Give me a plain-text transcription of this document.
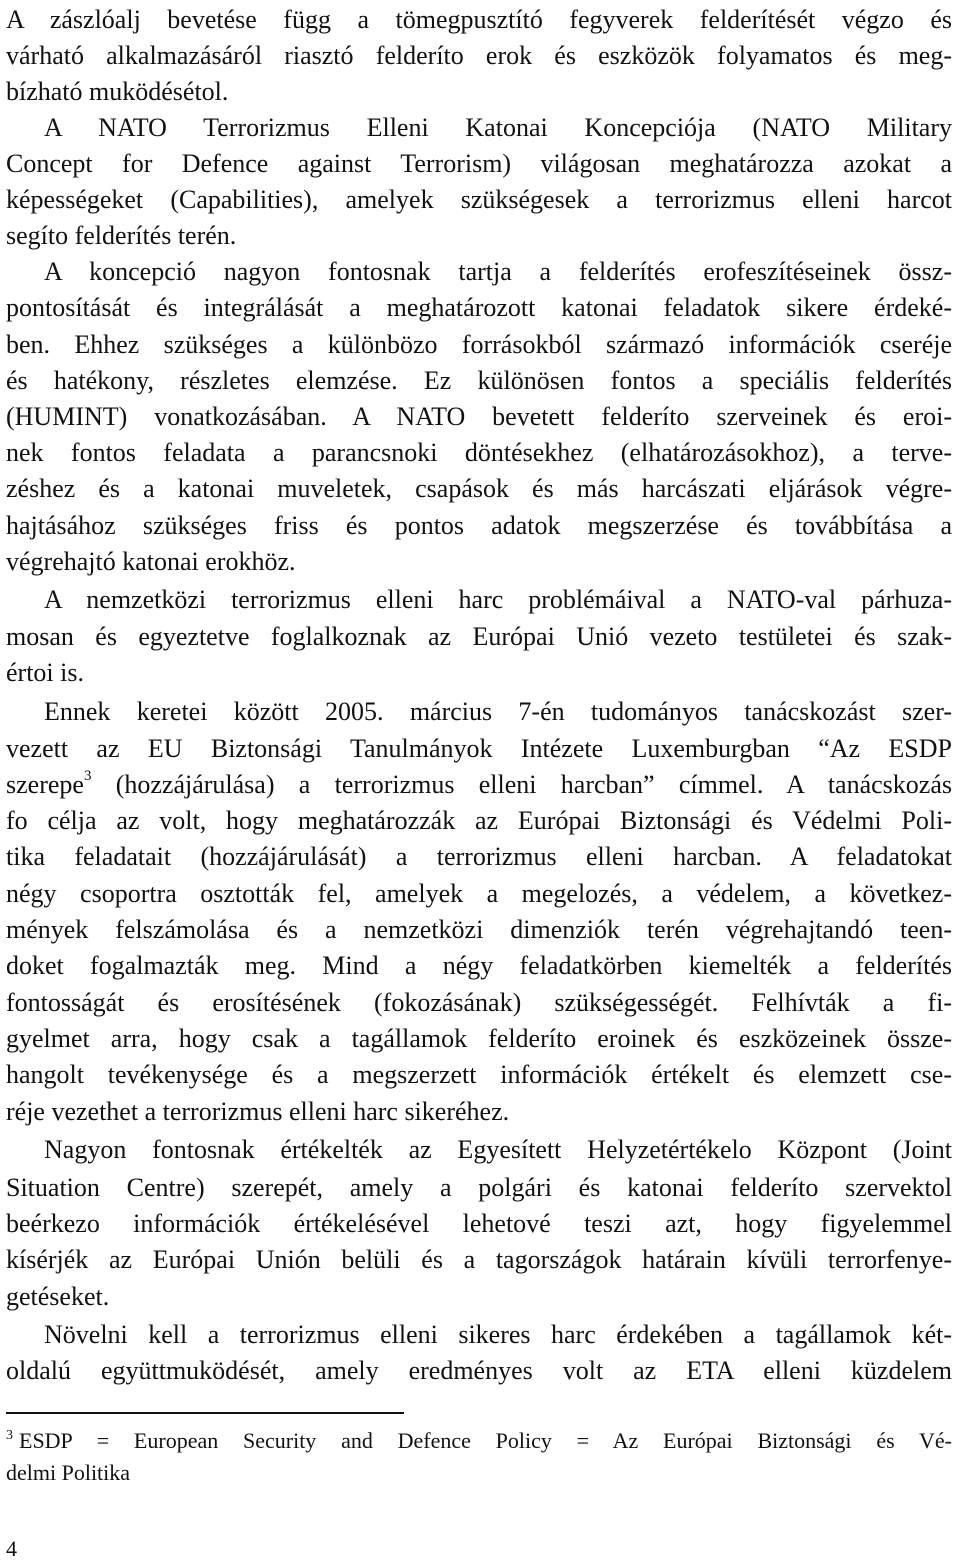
A zászlóalj bevetése függ a tömegpusztító fegyverek felderítését végzo és
várható alkalmazásáról riasztó felderíto erok és eszközök folyamatos és meg-
bízható muködésétol.
A NATO Terrorizmus Elleni Katonai Koncepciója (NATO Military
Concept for Defence against Terrorism) világosan meghatározza azokat a
képességeket (Capabilities), amelyek szükségesek a terrorizmus elleni harcot
segíto felderítés terén.
A koncepció nagyon fontosnak tartja a felderítés erofeszítéseinek össz-
pontosítását és integrálását a meghatározott katonai feladatok sikere érdeké-
ben. Ehhez szükséges a különbözo forrásokból származó információk cseréje
és hatékony, részletes elemzése. Ez különösen fontos a speciális felderítés
(HUMINT) vonatkozásában. A NATO bevetett felderíto szerveinek és eroi-
nek fontos feladata a parancsnoki döntésekhez (elhatározásokhoz), a terve-
zéshez és a katonai muveletek, csapások és más harcászati eljárások végre-
hajtásához szükséges friss és pontos adatok megszerzése és továbbítása a
végrehajtó katonai erokhöz.
A nemzetközi terrorizmus elleni harc problémáival a NATO-val párhuza-
mosan és egyeztetve foglalkoznak az Európai Unió vezeto testületei és szak-
értoi is.
Ennek keretei között 2005. március 7-én tudományos tanácskozást szer-
vezett az EU Biztonsági Tanulmányok Intézete Luxemburgban “Az ESDP
szerepe$^3$ (hozzájárulása) a terrorizmus elleni harcban” címmel. A tanácskozás
fo célja az volt, hogy meghatározzák az Európai Biztonsági és Védelmi Poli-
tika feladatait (hozzájárulását) a terrorizmus elleni harcban. A feladatokat
négy csoportra osztották fel, amelyek a megelozés, a védelem, a következ-
mények felszámolása és a nemzetközi dimenziók terén végrehajtandó teen-
doket fogalmazták meg. Mind a négy feladatkörben kiemelték a felderítés
fontosságát és erosítésének (fokozásának) szükségességét. Felhívták a fi-
gyelmet arra, hogy csak a tagállamok felderíto eroinek és eszközeinek össze-
hangolt tevékenysége és a megszerzett információk értékelt és elemzett cse-
réje vezethet a terrorizmus elleni harc sikeréhez.
Nagyon fontosnak értékelték az Egyesített Helyzetértékelo Központ (Joint
Situation Centre) szerepét, amely a polgári és katonai felderíto szervektol
beérkezo információk értékelésével lehetové teszi azt, hogy figyelemmel
kísérjék az Európai Unión belüli és a tagországok határain kívüli terrorfenye-
getéseket.
Növelni kell a terrorizmus elleni sikeres harc érdekében a tagállamok két-
oldalú együttmuködését, amely eredményes volt az ETA elleni küzdelem
$^3$ ESDP = European Security and Defence Policy = Az Európai Biztonsági és Vé-
delmi Politika
4
